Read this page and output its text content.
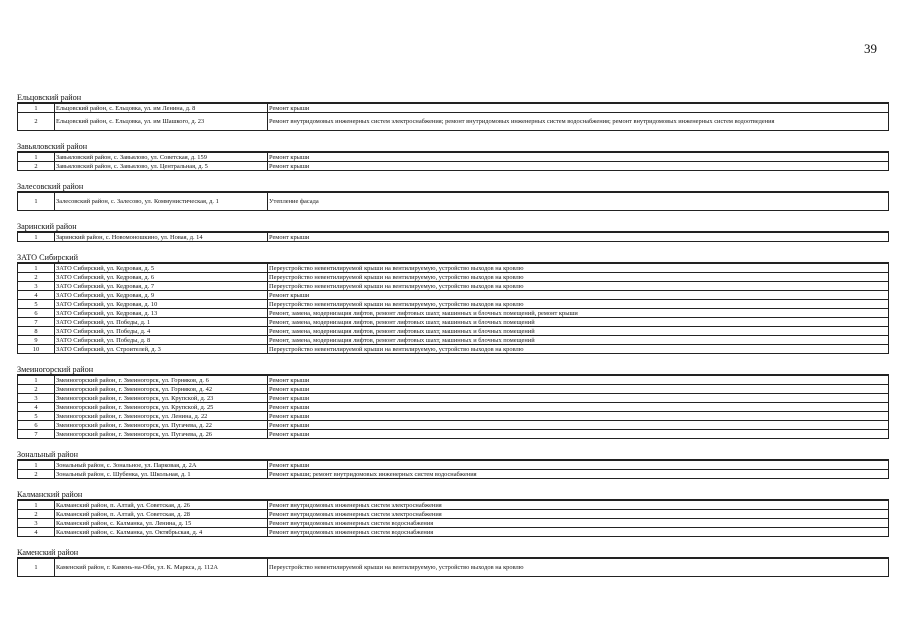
39
Ельцовский район
1	Ельцовский район, с. Ельцовка, ул. им Ленина, д. 8	Ремонт крыши
2	Ельцовский район, с. Ельцовка, ул. им Шашкого, д. 23	Ремонт внутридомовых инженерных систем электроснабжения; ремонт внутридомовых инженерных систем водоснабжения; ремонт внутридомовых инженерных систем водоотведения
Завьяловский район
1	Завьяловский район, с. Завьялово, ул. Советская, д. 159	Ремонт крыши
2	Завьяловский район, с. Завьялово, ул. Центральная, д. 5	Ремонт крыши
Залесовский район
1	Залесовский район, с. Залесово, ул. Коммунистическая, д. 1	Утепление фасада
Заринский район
1	Заринский район, с. Новомоношкино, ул. Новая, д. 14	Ремонт крыши
ЗАТО Сибирский
1	ЗАТО Сибирский, ул. Кедровая, д. 5	Переустройство невентилируемой крыши на вентилируемую, устройство выходов на кровлю
2	ЗАТО Сибирский, ул. Кедровая, д. 6	Переустройство невентилируемой крыши на вентилируемую, устройство выходов на кровлю
3	ЗАТО Сибирский, ул. Кедровая, д. 7	Переустройство невентилируемой крыши на вентилируемую, устройство выходов на кровлю
4	ЗАТО Сибирский, ул. Кедровая, д. 9	Ремонт крыши
5	ЗАТО Сибирский, ул. Кедровая, д. 10	Переустройство невентилируемой крыши на вентилируемую, устройство выходов на кровлю
6	ЗАТО Сибирский, ул. Кедровая, д. 13	Ремонт, замена, модернизация лифтов, ремонт лифтовых шахт, машинных и блочных помещений, ремонт крыши
7	ЗАТО Сибирский, ул. Победы, д. 1	Ремонт, замена, модернизация лифтов, ремонт лифтовых шахт, машинных и блочных помещений
8	ЗАТО Сибирский, ул. Победы, д. 4	Ремонт, замена, модернизация лифтов, ремонт лифтовых шахт, машинных и блочных помещений
9	ЗАТО Сибирский, ул. Победы, д. 8	Ремонт, замена, модернизация лифтов, ремонт лифтовых шахт, машинных и блочных помещений
10	ЗАТО Сибирский, ул. Строителей, д. 3	Переустройство невентилируемой крыши на вентилируемую, устройство выходов на кровлю
Змеиногорский район
1	Змеиногорский район, г. Змеиногорск, ул. Горняков, д. 6	Ремонт крыши
2	Змеиногорский район, г. Змеиногорск, ул. Горняков, д. 42	Ремонт крыши
3	Змеиногорский район, г. Змеиногорск, ул. Крупской, д. 23	Ремонт крыши
4	Змеиногорский район, г. Змеиногорск, ул. Крупской, д. 25	Ремонт крыши
5	Змеиногорский район, г. Змеиногорск, ул. Ленина, д. 22	Ремонт крыши
6	Змеиногорский район, г. Змеиногорск, ул. Пугачева, д. 22	Ремонт крыши
7	Змеиногорский район, г. Змеиногорск, ул. Пугачева, д. 26	Ремонт крыши
Зональный район
1	Зональный район, с. Зональное, ул. Парковая, д. 2А	Ремонт крыши
2	Зональный район, с. Шубенка, ул. Школьная, д. 1	Ремонт крыши; ремонт внутридомовых инженерных систем водоснабжения
Калманский район
1	Калманский район, п. Алтай, ул. Советская, д. 26	Ремонт внутридомовых инженерных систем электроснабжения
2	Калманский район, п. Алтай, ул. Советская, д. 28	Ремонт внутридомовых инженерных систем электроснабжения
3	Калманский район, с. Калманка, ул. Ленина, д. 15	Ремонт внутридомовых инженерных систем водоснабжения
4	Калманский район, с. Калманка, ул. Октябрьская, д. 4	Ремонт внутридомовых инженерных систем водоснабжения
Каменский район
1	Каменский район, г. Камень-на-Оби, ул. К. Маркса, д. 112А	Переустройство невентилируемой крыши на вентилируемую, устройство выходов на кровлю
